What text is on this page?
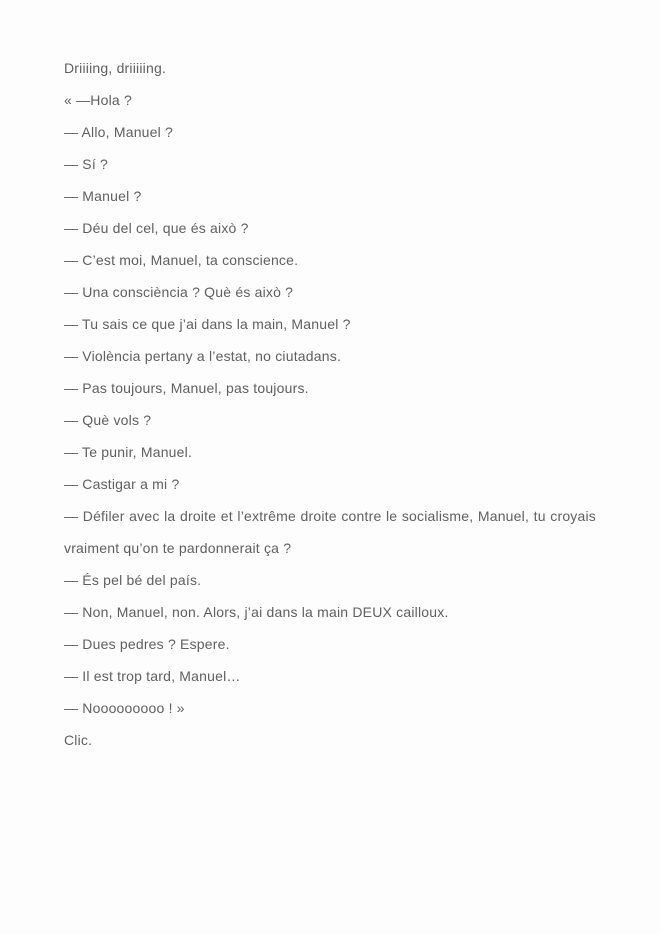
Driiiing, driiiiing.

« —Hola ?

— Allo, Manuel ?

— Sí ?

— Manuel ?

— Déu del cel, que és això ?

— C’est moi, Manuel, ta conscience.

— Una consciència ? Què és això ?

— Tu sais ce que j’ai dans la main, Manuel ?

— Violència pertany a l’estat, no ciutadans.

— Pas toujours, Manuel, pas toujours.

— Què vols ?

— Te punir, Manuel.

— Castigar a mi ?

— Défiler avec la droite et l’extrême droite contre le socialisme, Manuel, tu croyais vraiment qu’on te pardonnerait ça ?

— És pel bé del país.

— Non, Manuel, non. Alors, j’ai dans la main DEUX cailloux.

— Dues pedres ? Espere.

— Il est trop tard, Manuel…

— Nooooooooo ! »

Clic.
